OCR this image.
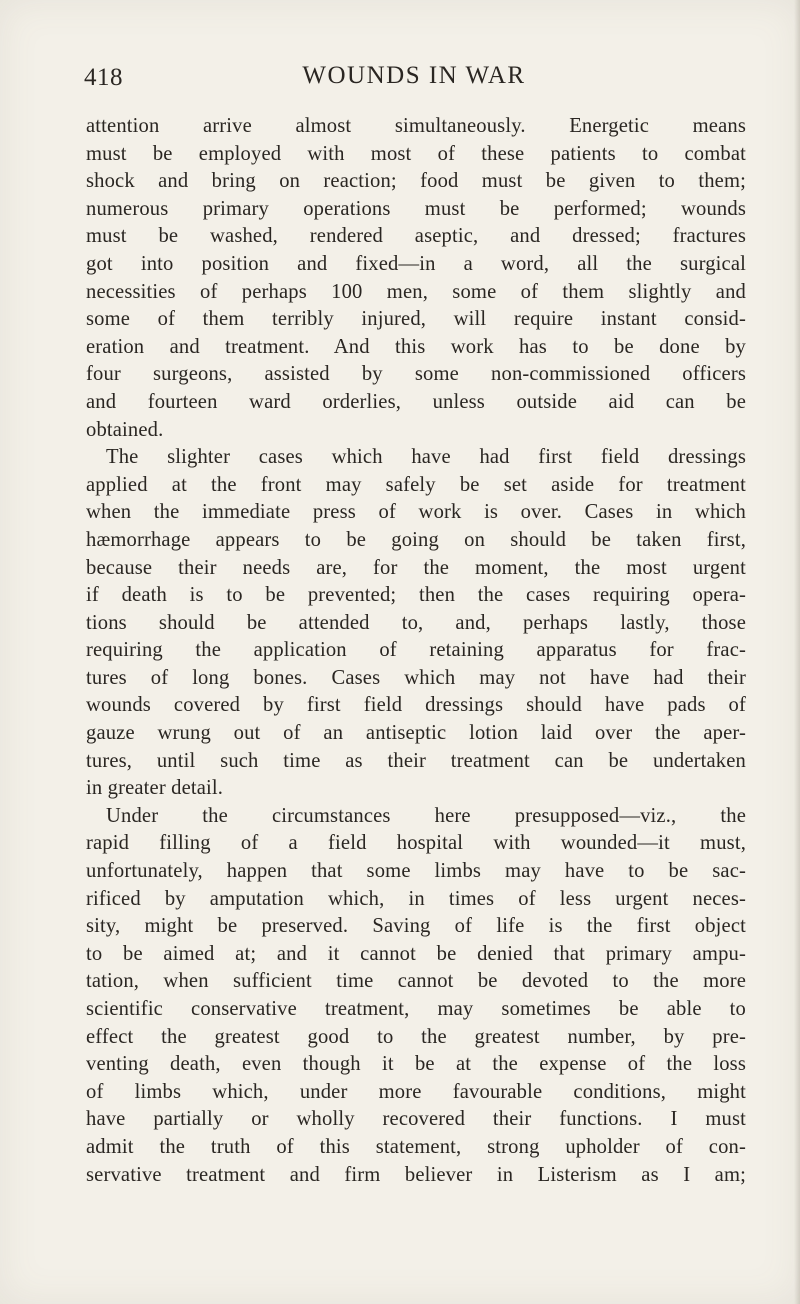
418	WOUNDS IN WAR
attention arrive almost simultaneously. Energetic means
must be employed with most of these patients to combat
shock and bring on reaction; food must be given to them;
numerous primary operations must be performed; wounds
must be washed, rendered aseptic, and dressed; fractures
got into position and fixed—in a word, all the surgical
necessities of perhaps 100 men, some of them slightly and
some of them terribly injured, will require instant consid-
eration and treatment. And this work has to be done by
four surgeons, assisted by some non-commissioned officers
and fourteen ward orderlies, unless outside aid can be
obtained.
The slighter cases which have had first field dressings
applied at the front may safely be set aside for treatment
when the immediate press of work is over. Cases in which
hæmorrhage appears to be going on should be taken first,
because their needs are, for the moment, the most urgent
if death is to be prevented; then the cases requiring opera-
tions should be attended to, and, perhaps lastly, those
requiring the application of retaining apparatus for frac-
tures of long bones. Cases which may not have had their
wounds covered by first field dressings should have pads of
gauze wrung out of an antiseptic lotion laid over the aper-
tures, until such time as their treatment can be undertaken
in greater detail.
Under the circumstances here presupposed—viz., the
rapid filling of a field hospital with wounded—it must,
unfortunately, happen that some limbs may have to be sac-
rificed by amputation which, in times of less urgent neces-
sity, might be preserved. Saving of life is the first object
to be aimed at; and it cannot be denied that primary ampu-
tation, when sufficient time cannot be devoted to the more
scientific conservative treatment, may sometimes be able to
effect the greatest good to the greatest number, by pre-
venting death, even though it be at the expense of the loss
of limbs which, under more favourable conditions, might
have partially or wholly recovered their functions. I must
admit the truth of this statement, strong upholder of con-
servative treatment and firm believer in Listerism as I am;
